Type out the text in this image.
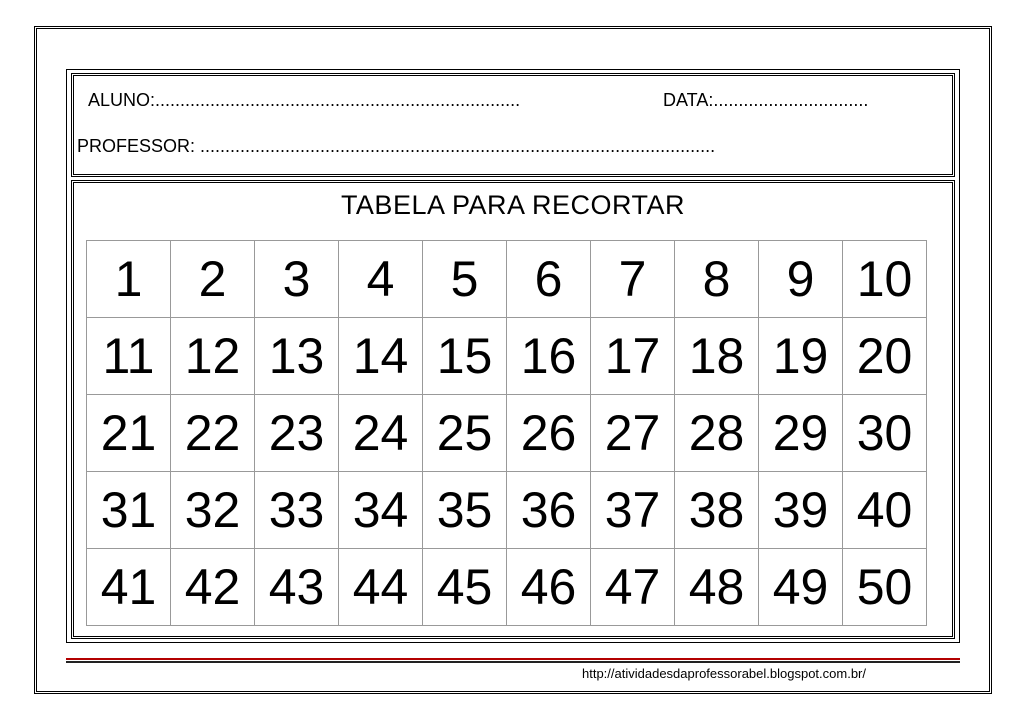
ALUNO:.........................................................................	DATA:...............................
PROFESSOR: .......................................................................................................
TABELA PARA RECORTAR
1	2	3	4	5	6	7	8	9	10
11	12	13	14	15	16	17	18	19	20
21	22	23	24	25	26	27	28	29	30
31	32	33	34	35	36	37	38	39	40
41	42	43	44	45	46	47	48	49	50
http://atividadesdaprofessorabel.blogspot.com.br/
